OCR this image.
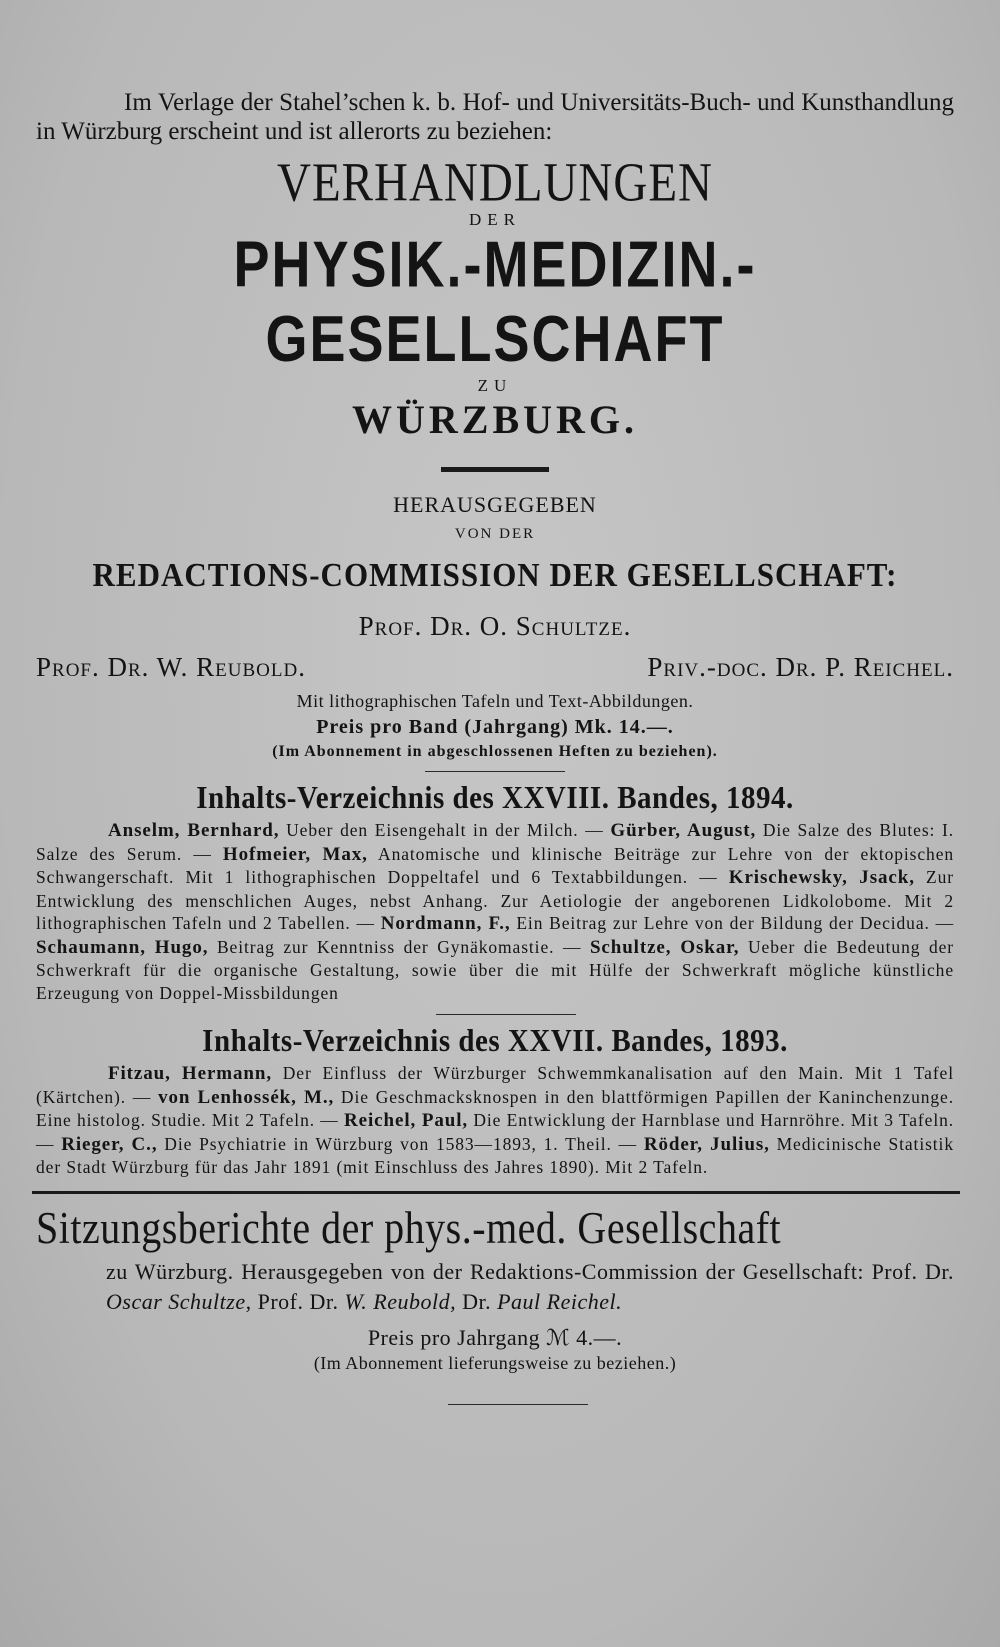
Im Verlage der Stahel’schen k. b. Hof- und Universitäts-Buch- und Kunsthandlung in Würzburg erscheint und ist allerorts zu beziehen:

VERHANDLUNGEN
DER
PHYSIK.-MEDIZIN.-GESELLSCHAFT
ZU
WÜRZBURG.
HERAUSGEGEBEN
VON DER
REDACTIONS-COMMISSION DER GESELLSCHAFT:
Prof. Dr. O. Schultze.
Prof. Dr. W. Reubold.	Priv.-doc. Dr. P. Reichel.
Mit lithographischen Tafeln und Text-Abbildungen.
Preis pro Band (Jahrgang) Mk. 14.—.
(Im Abonnement in abgeschlossenen Heften zu beziehen).
Inhalts-Verzeichnis des XXVIII. Bandes, 1894.

Anselm, Bernhard, Ueber den Eisengehalt in der Milch. — Gürber, August, Die Salze des Blutes: I. Salze des Serum. — Hofmeier, Max, Anatomische und klinische Beiträge zur Lehre von der ektopischen Schwangerschaft. Mit 1 lithographischen Doppeltafel und 6 Textabbildungen. — Krischewsky, Jsack, Zur Entwicklung des menschlichen Auges, nebst Anhang. Zur Aetiologie der angeborenen Lidkolobome. Mit 2 lithographischen Tafeln und 2 Tabellen. — Nordmann, F., Ein Beitrag zur Lehre von der Bildung der Decidua. — Schaumann, Hugo, Beitrag zur Kenntniss der Gynäkomastie. — Schultze, Oskar, Ueber die Bedeutung der Schwerkraft für die organische Gestaltung, sowie über die mit Hülfe der Schwerkraft mögliche künstliche Erzeugung von Doppel-Missbildungen

Inhalts-Verzeichnis des XXVII. Bandes, 1893.

Fitzau, Hermann, Der Einfluss der Würzburger Schwemmkanalisation auf den Main. Mit 1 Tafel (Kärtchen). — von Lenhossék, M., Die Geschmacksknospen in den blattförmigen Papillen der Kaninchenzunge. Eine histolog. Studie. Mit 2 Tafeln. — Reichel, Paul, Die Entwicklung der Harnblase und Harnröhre. Mit 3 Tafeln. — Rieger, C., Die Psychiatrie in Würzburg von 1583—1893, 1. Theil. — Röder, Julius, Medicinische Statistik der Stadt Würzburg für das Jahr 1891 (mit Einschluss des Jahres 1890). Mit 2 Tafeln.

Sitzungsberichte der phys.-med. Gesellschaft

zu Würzburg. Herausgegeben von der Redaktions-Commission der Gesellschaft: Prof. Dr. Oscar Schultze, Prof. Dr. W. Reubold, Dr. Paul Reichel.

Preis pro Jahrgang ℳ 4.—.
(Im Abonnement lieferungsweise zu beziehen.)
